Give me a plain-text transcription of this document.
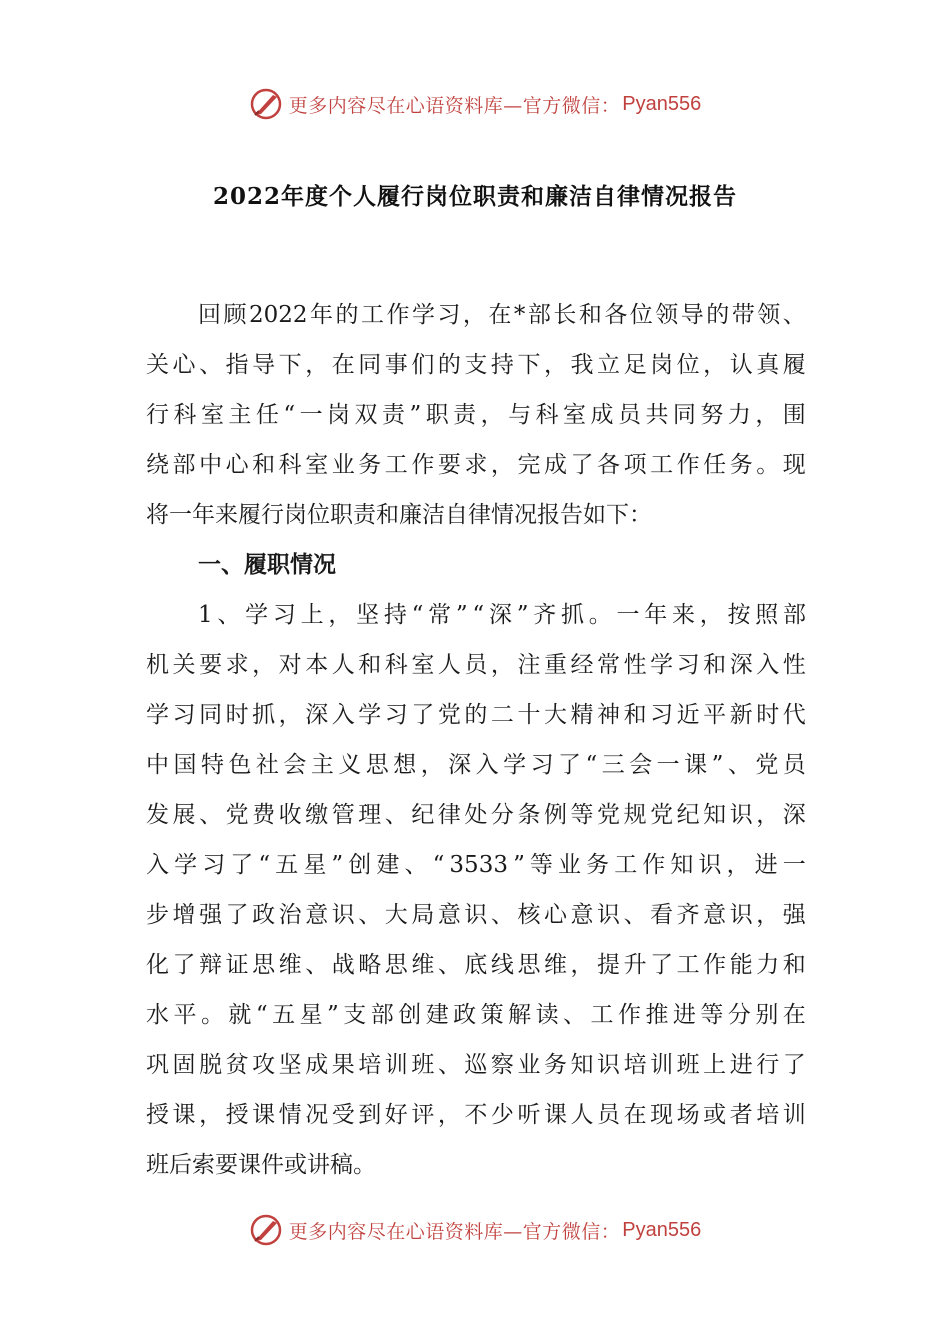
更多内容尽在心语资料库—官方微信： Pyan556
2022年度个人履行岗位职责和廉洁自律情况报告
回 顾 2022 年 的 工 作 学 习 ， 在 * 部 长 和 各 位 领 导 的 带 领 、
关 心 、 指 导 下 ， 在 同 事 们 的 支 持 下 ， 我 立 足 岗 位 ， 认 真 履
行 科 室 主 任 “ 一 岗 双 责 ” 职 责 ， 与 科 室 成 员 共 同 努 力 ， 围
绕 部 中 心 和 科 室 业 务 工 作 要 求 ， 完 成 了 各 项 工 作 任 务 。 现
将一年来履行岗位职责和廉洁自律情况报告如下：
一、履职情况
1 、 学 习 上 ， 坚 持 “ 常 ” “ 深 ” 齐 抓 。 一 年 来 ， 按 照 部
机 关 要 求 ， 对 本 人 和 科 室 人 员 ， 注 重 经 常 性 学 习 和 深 入 性
学 习 同 时 抓 ， 深 入 学 习 了 党 的 二 十 大 精 神 和 习 近 平 新 时 代
中 国 特 色 社 会 主 义 思 想 ， 深 入 学 习 了 “ 三 会 一 课 ” 、 党 员
发 展 、 党 费 收 缴 管 理 、 纪 律 处 分 条 例 等 党 规 党 纪 知 识 ， 深
入 学 习 了 “ 五 星 ” 创 建 、 “ 3533 ” 等 业 务 工 作 知 识 ， 进 一
步 增 强 了 政 治 意 识 、 大 局 意 识 、 核 心 意 识 、 看 齐 意 识 ， 强
化 了 辩 证 思 维 、 战 略 思 维 、 底 线 思 维 ， 提 升 了 工 作 能 力 和
水 平 。 就 “ 五 星 ” 支 部 创 建 政 策 解 读 、 工 作 推 进 等 分 别 在
巩 固 脱 贫 攻 坚 成 果 培 训 班 、 巡 察 业 务 知 识 培 训 班 上 进 行 了
授 课 ， 授 课 情 况 受 到 好 评 ， 不 少 听 课 人 员 在 现 场 或 者 培 训
班后索要课件或讲稿。
更多内容尽在心语资料库—官方微信： Pyan556
